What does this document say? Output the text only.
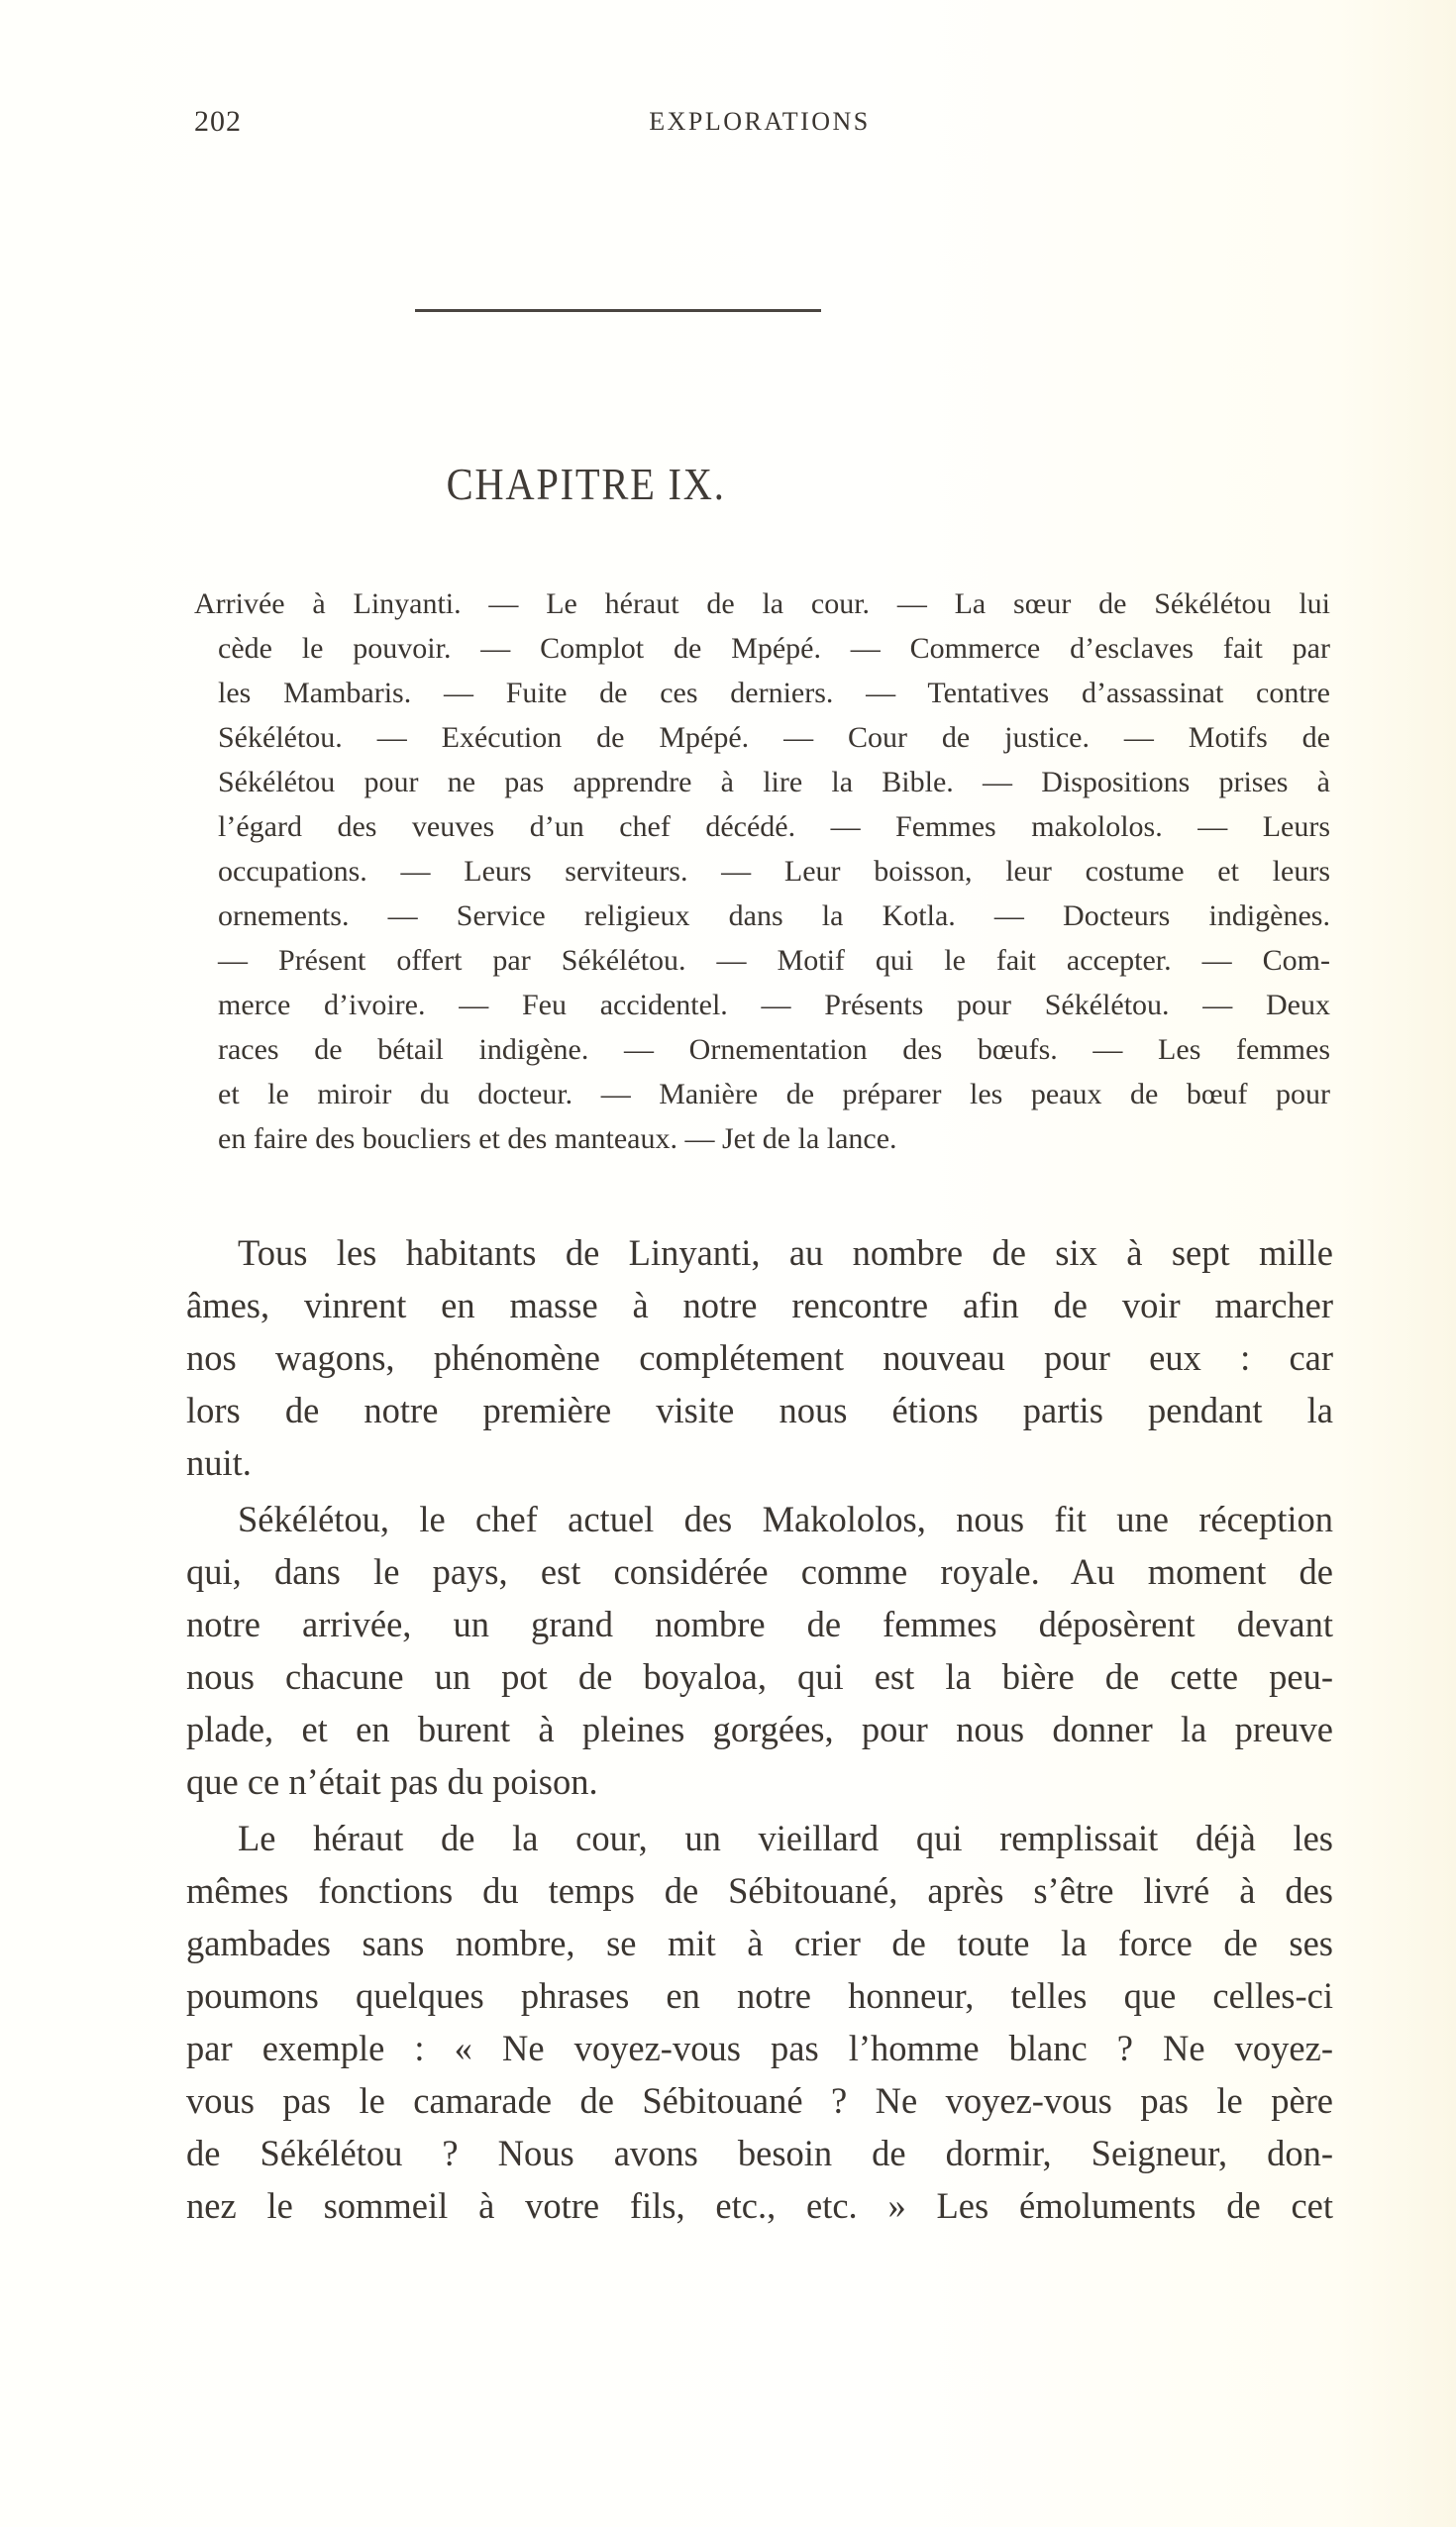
202	EXPLORATIONS
CHAPITRE IX.
Arrivée à Linyanti. — Le héraut de la cour. — La sœur de Sékélétou lui
cède le pouvoir. — Complot de Mpépé. — Commerce d’esclaves fait par
les Mambaris. — Fuite de ces derniers. — Tentatives d’assassinat contre
Sékélétou. — Exécution de Mpépé. — Cour de justice. — Motifs de
Sékélétou pour ne pas apprendre à lire la Bible. — Dispositions prises à
l’égard des veuves d’un chef décédé. — Femmes makololos. — Leurs
occupations. — Leurs serviteurs. — Leur boisson, leur costume et leurs
ornements. — Service religieux dans la Kotla. — Docteurs indigènes.
— Présent offert par Sékélétou. — Motif qui le fait accepter. — Com-
merce d’ivoire. — Feu accidentel. — Présents pour Sékélétou. — Deux
races de bétail indigène. — Ornementation des bœufs. — Les femmes
et le miroir du docteur. — Manière de préparer les peaux de bœuf pour
en faire des boucliers et des manteaux. — Jet de la lance.

Tous les habitants de Linyanti, au nombre de six à sept mille
âmes, vinrent en masse à notre rencontre afin de voir marcher
nos wagons, phénomène complétement nouveau pour eux : car
lors de notre première visite nous étions partis pendant la
nuit.

Sékélétou, le chef actuel des Makololos, nous fit une réception
qui, dans le pays, est considérée comme royale. Au moment de
notre arrivée, un grand nombre de femmes déposèrent devant
nous chacune un pot de boyaloa, qui est la bière de cette peu-
plade, et en burent à pleines gorgées, pour nous donner la preuve
que ce n’était pas du poison.

Le héraut de la cour, un vieillard qui remplissait déjà les
mêmes fonctions du temps de Sébitouané, après s’être livré à des
gambades sans nombre, se mit à crier de toute la force de ses
poumons quelques phrases en notre honneur, telles que celles-ci
par exemple : « Ne voyez-vous pas l’homme blanc ? Ne voyez-
vous pas le camarade de Sébitouané ? Ne voyez-vous pas le père
de Sékélétou ? Nous avons besoin de dormir, Seigneur, don-
nez le sommeil à votre fils, etc., etc. » Les émoluments de cet
